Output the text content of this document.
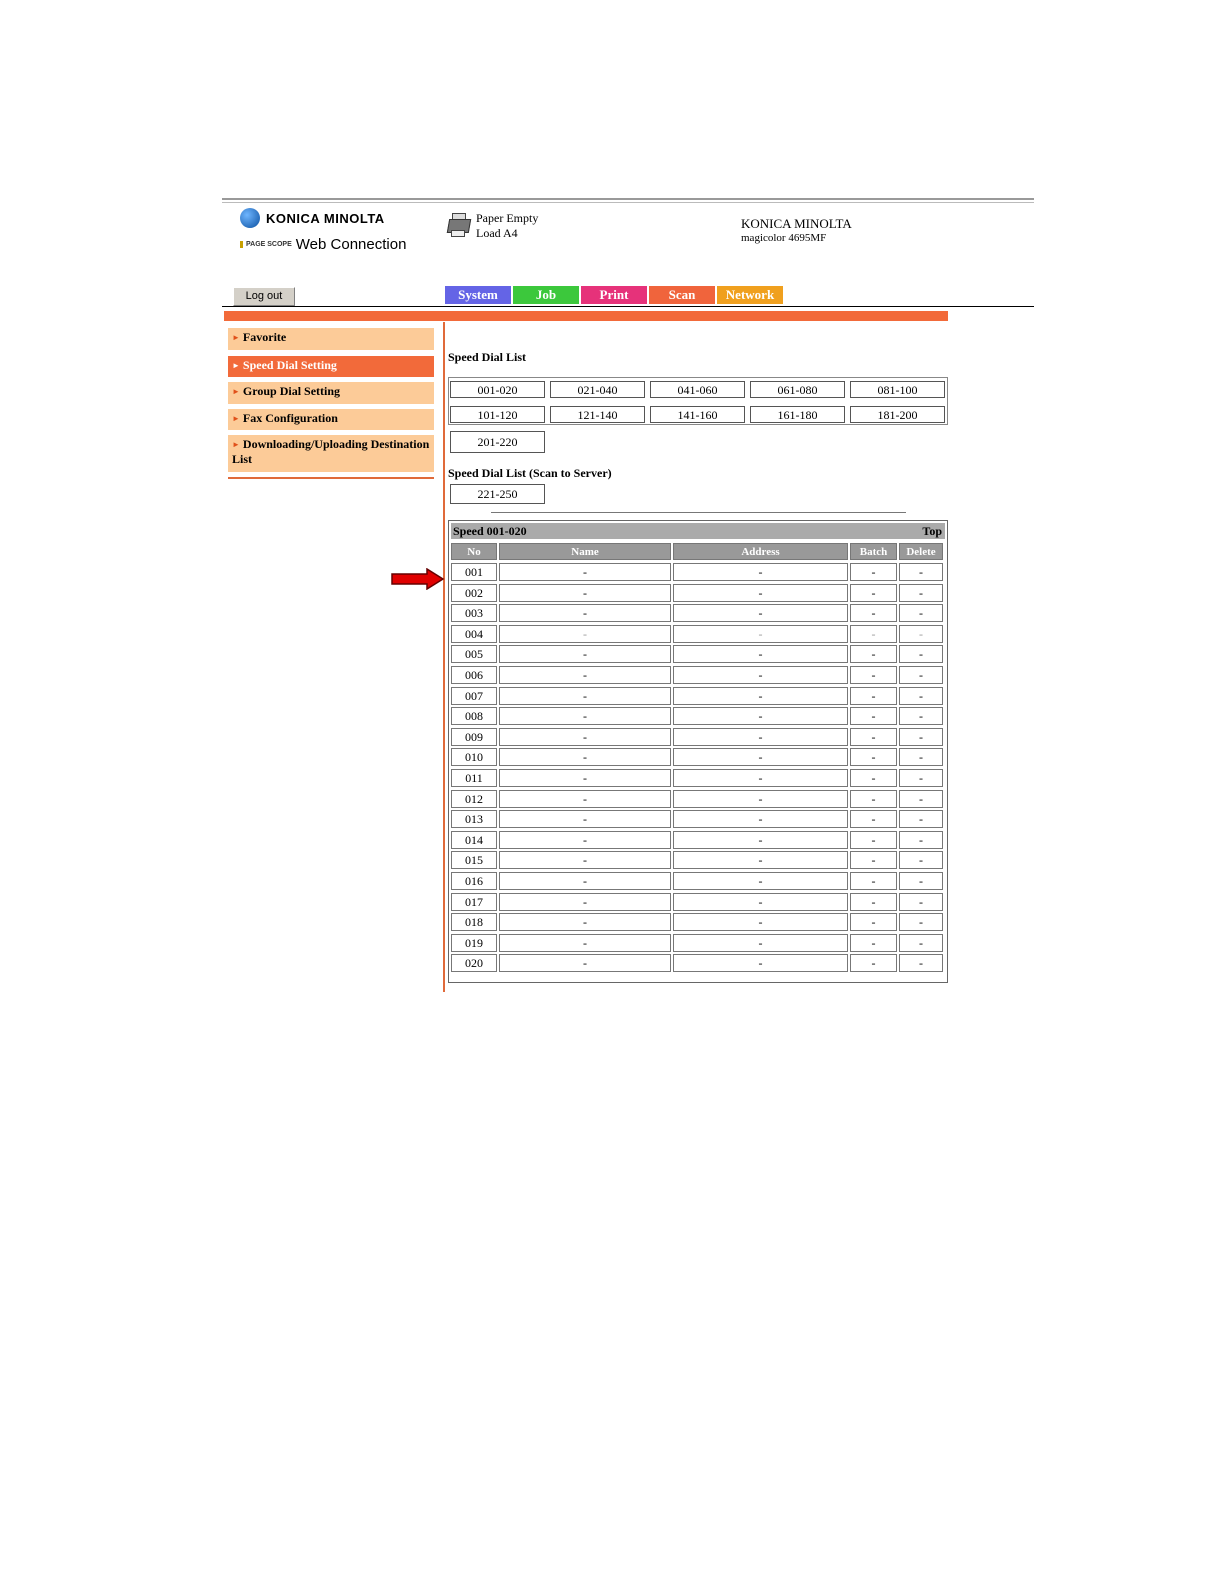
KONICA MINOLTA
PAGE SCOPE Web Connection
Paper Empty
Load A4
KONICA MINOLTA
magicolor 4695MF
Log out	System	Job	Print	Scan	Network
► Favorite
► Speed Dial Setting
► Group Dial Setting
► Fax Configuration
► Downloading/Uploading Destination List
Speed Dial List
001-020	021-040	041-060	061-080	081-100
101-120	121-140	141-160	161-180	181-200
201-220
Speed Dial List (Scan to Server)
221-250
Speed 001-020	Top
No	Name	Address	Batch	Delete
001	-	-	-	-
002	-	-	-	-
003	-	-	-	-
004	-	-	-	-
005	-	-	-	-
006	-	-	-	-
007	-	-	-	-
008	-	-	-	-
009	-	-	-	-
010	-	-	-	-
011	-	-	-	-
012	-	-	-	-
013	-	-	-	-
014	-	-	-	-
015	-	-	-	-
016	-	-	-	-
017	-	-	-	-
018	-	-	-	-
019	-	-	-	-
020	-	-	-	-
